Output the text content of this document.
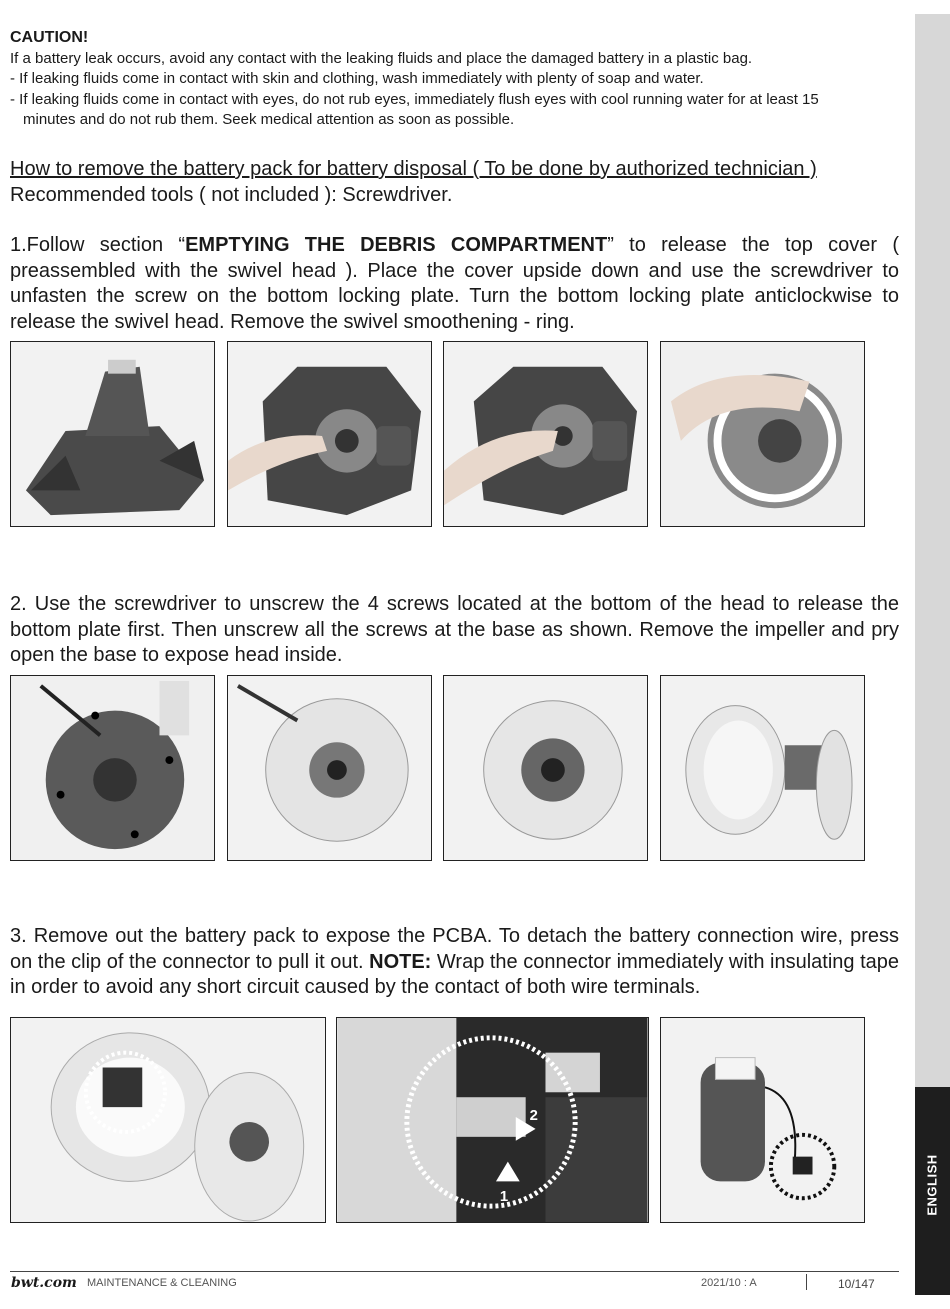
ENGLISH
CAUTION!
If a battery leak occurs, avoid any contact with the leaking fluids and place the damaged battery in a plastic bag.
- If leaking fluids come in contact with skin and clothing, wash immediately with plenty of soap and water.
- If leaking fluids come in contact with eyes, do not rub eyes, immediately flush eyes with cool running water for at least 15
minutes and do not rub them. Seek medical attention as soon as possible.
How to remove the battery pack for battery disposal ( To be done by authorized technician )
Recommended tools ( not included ): Screwdriver.
1.Follow section “EMPTYING THE DEBRIS COMPARTMENT” to release the top cover ( preassembled with the swivel head ). Place the cover upside down and use the screwdriver to unfasten the screw on the bottom locking plate. Turn the bottom locking plate anticlockwise to release the swivel head. Remove the swivel smoothening - ring.
2. Use the screwdriver to unscrew the 4 screws located at the bottom of the head to release the bottom plate first. Then unscrew all the screws at the base as shown. Remove the impeller and pry open the base to expose head inside.
3. Remove out the battery pack to expose the PCBA. To detach the battery connection wire, press on the clip of the connector to pull it out. NOTE: Wrap the connector immediately with insulating tape in order to avoid any short circuit caused by the contact of both wire terminals.
1
2
bwt.com MAINTENANCE & CLEANING	2021/10 : A	10/147
